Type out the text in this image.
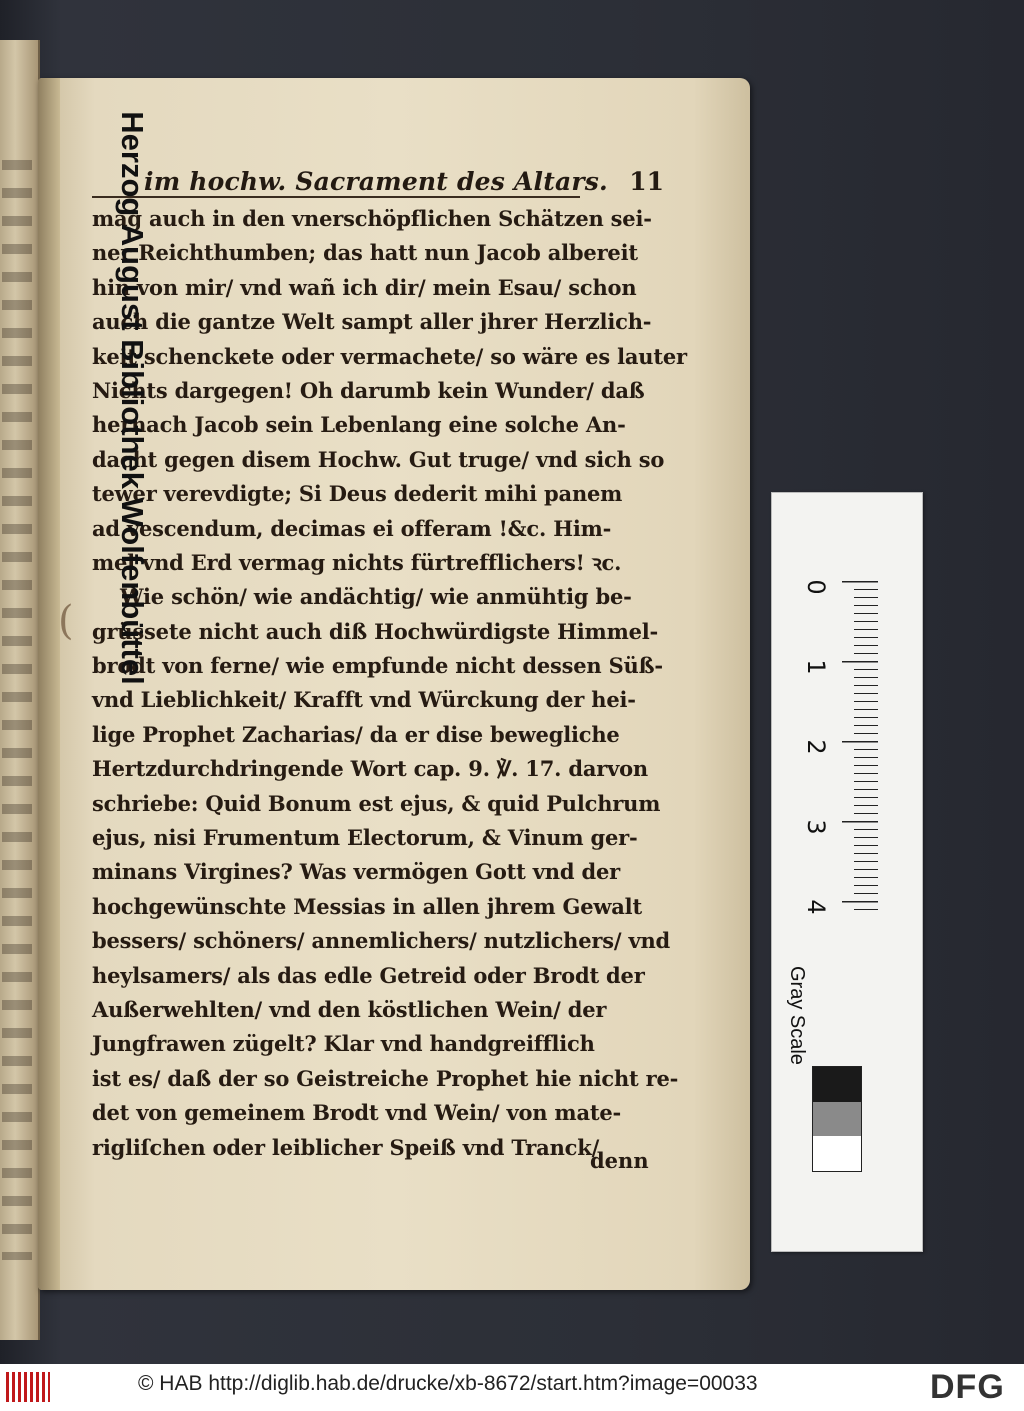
im hochw. Sacrament des Altars. 11
(
mag auch in den vnerschöpflichen Schätzen sei-
ner Reichthumben; das hatt nun Jacob albereit
hin von mir/ vnd wañ ich dir/ mein Esau/ schon
auch die gantze Welt sampt aller jhrer Herzlich-
keit schenckete oder vermachete/ so wäre es lauter
Nichts dargegen! Oh darumb kein Wunder/ daß
hernach Jacob sein Lebenlang eine solche An-
dacht gegen disem Hochw. Gut truge/ vnd sich so
tewer verevdigte; Si Deus dederit mihi panem
ad vescendum, decimas ei offeram !&c. Him-
mel vnd Erd vermag nichts fürtrefflichers! ꝛc.
Wie schön/ wie andächtig/ wie anmühtig be-
grüssete nicht auch diß Hochwürdigste Himmel-
brodt von ferne/ wie empfunde nicht dessen Süß-
vnd Lieblichkeit/ Krafft vnd Würckung der hei-
lige Prophet Zacharias/ da er dise bewegliche
Hertzdurchdringende Wort cap. 9. ℣. 17. darvon
schriebe: Quid Bonum est ejus, & quid Pulchrum
ejus, nisi Frumentum Electorum, & Vinum ger-
minans Virgines? Was vermögen Gott vnd der
hochgewünschte Messias in allen jhrem Gewalt
bessers/ schöners/ annemlichers/ nutzlichers/ vnd
heylsamers/ als das edle Getreid oder Brodt der
Außerwehlten/ vnd den köstlichen Wein/ der
Jungfrawen zügelt? Klar vnd handgreifflich
ist es/ daß der so Geistreiche Prophet hie nicht re-
det von gemeinem Brodt vnd Wein/ von mate-
rigliſchen oder leiblicher Speiß vnd Tranck/
denn
0
1
2
3
4
Herzog August Bibliothek Wolfenbüttel
Gray Scale
© HAB http://diglib.hab.de/drucke/xb-8672/start.htm?image=00033	DFG
